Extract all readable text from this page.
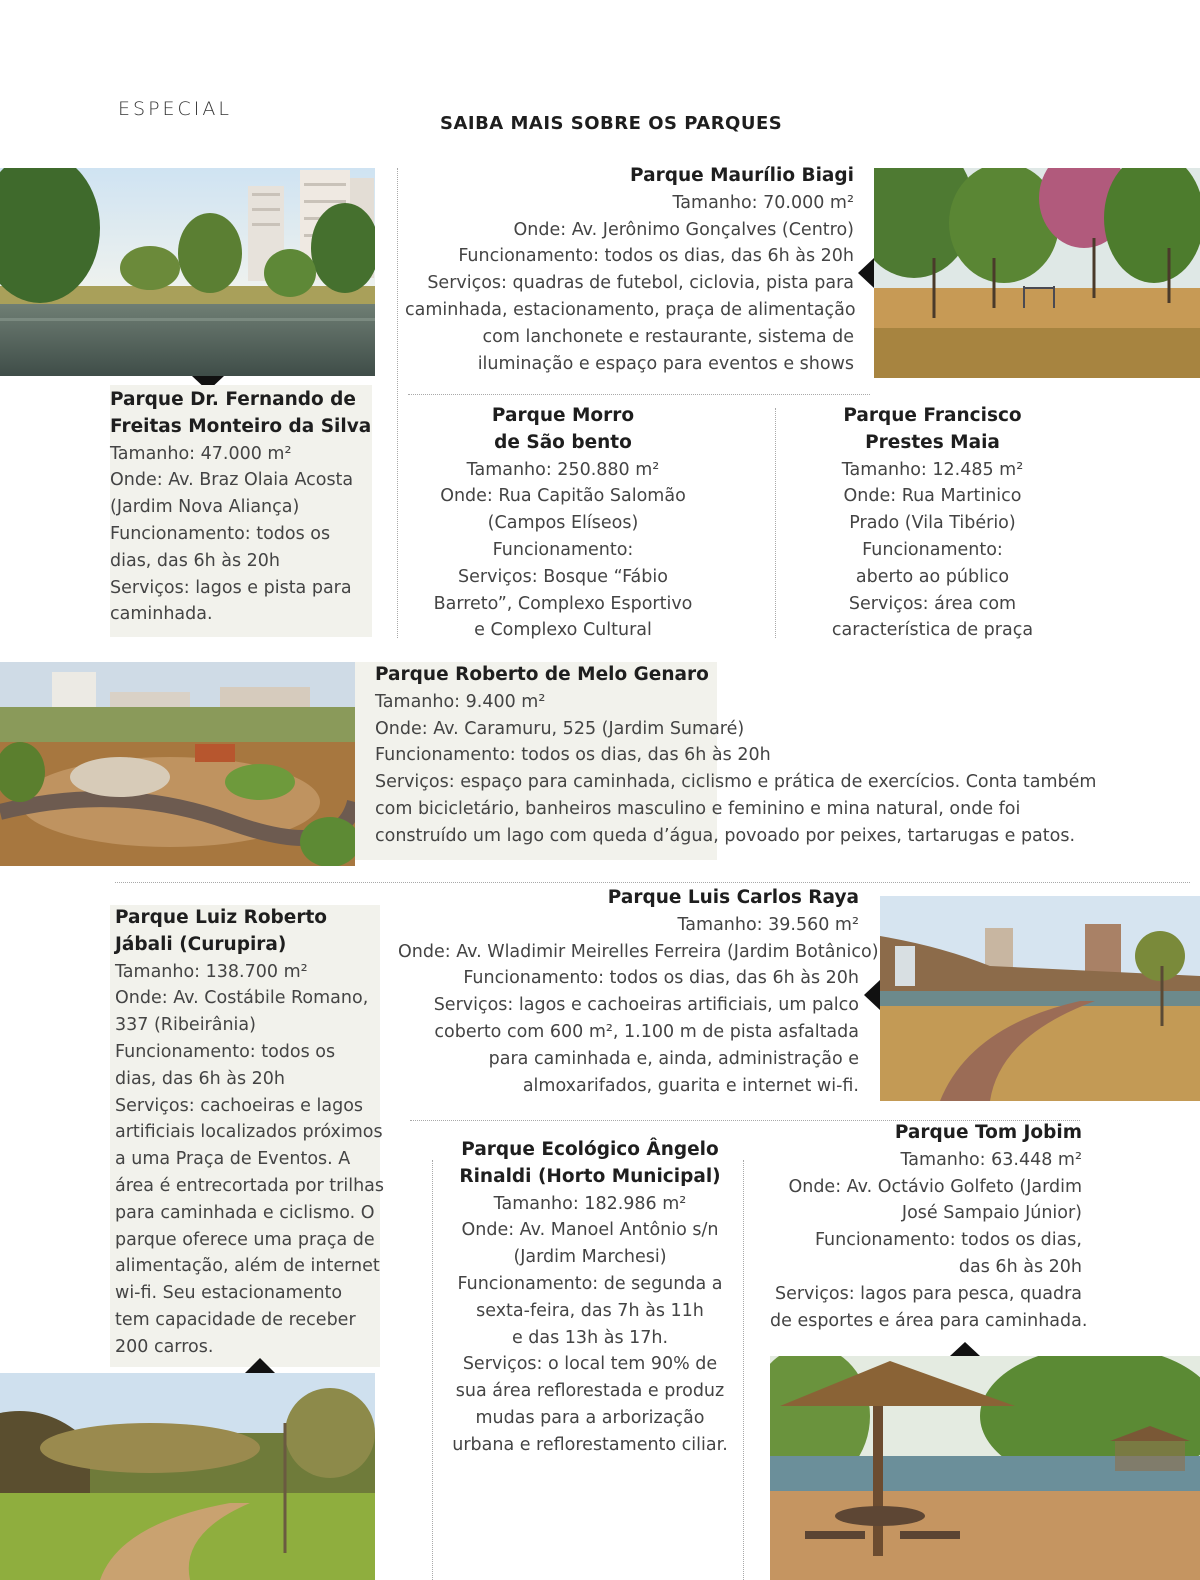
ESPECIAL
SAIBA MAIS SOBRE OS PARQUES
Parque Dr. Fernando de
Freitas Monteiro da Silva
Tamanho: 47.000 m²
Onde: Av. Braz Olaia Acosta
(Jardim Nova Aliança)
Funcionamento: todos os
dias, das 6h às 20h
Serviços: lagos e pista para
caminhada.
Parque Maurílio Biagi
Tamanho: 70.000 m²
Onde: Av. Jerônimo Gonçalves (Centro)
Funcionamento: todos os dias, das 6h às 20h
Serviços: quadras de futebol, ciclovia, pista para
caminhada, estacionamento, praça de alimentação
com lanchonete e restaurante, sistema de
iluminação e espaço para eventos e shows
Parque Morro
de São bento
Tamanho: 250.880 m²
Onde: Rua Capitão Salomão
(Campos Elíseos)
Funcionamento:
Serviços: Bosque “Fábio
Barreto”, Complexo Esportivo
e Complexo Cultural
Parque Francisco
Prestes Maia
Tamanho: 12.485 m²
Onde: Rua Martinico
Prado (Vila Tibério)
Funcionamento:
aberto ao público
Serviços: área com
característica de praça
Parque Roberto de Melo Genaro
Tamanho: 9.400 m²
Onde: Av. Caramuru, 525 (Jardim Sumaré)
Funcionamento: todos os dias, das 6h às 20h
Serviços: espaço para caminhada, ciclismo e prática de exercícios. Conta também
com bicicletário, banheiros masculino e feminino e mina natural, onde foi
construído um lago com queda d’água, povoado por peixes, tartarugas e patos.
Parque Luiz Roberto
Jábali (Curupira)
Tamanho: 138.700 m²
Onde: Av. Costábile Romano,
337 (Ribeirânia)
Funcionamento: todos os
dias, das 6h às 20h
Serviços: cachoeiras e lagos
artificiais localizados próximos
a uma Praça de Eventos. A
área é entrecortada por trilhas
para caminhada e ciclismo. O
parque oferece uma praça de
alimentação, além de internet
wi-fi. Seu estacionamento
tem capacidade de receber
200 carros.
Parque Luis Carlos Raya
Tamanho: 39.560 m²
Onde: Av. Wladimir Meirelles Ferreira (Jardim Botânico)
Funcionamento: todos os dias, das 6h às 20h
Serviços: lagos e cachoeiras artificiais, um palco
coberto com 600 m², 1.100 m de pista asfaltada
para caminhada e, ainda, administração e
almoxarifados, guarita e internet wi-fi.
Parque Ecológico Ângelo
Rinaldi (Horto Municipal)
Tamanho: 182.986 m²
Onde: Av. Manoel Antônio s/n
(Jardim Marchesi)
Funcionamento: de segunda a
sexta-feira, das 7h às 11h
e das 13h às 17h.
Serviços: o local tem 90% de
sua área reflorestada e produz
mudas para a arborização
urbana e reflorestamento ciliar.
Parque Tom Jobim
Tamanho: 63.448 m²
Onde: Av. Octávio Golfeto (Jardim
José Sampaio Júnior)
Funcionamento: todos os dias,
das 6h às 20h
Serviços: lagos para pesca, quadra
de esportes e área para caminhada.
